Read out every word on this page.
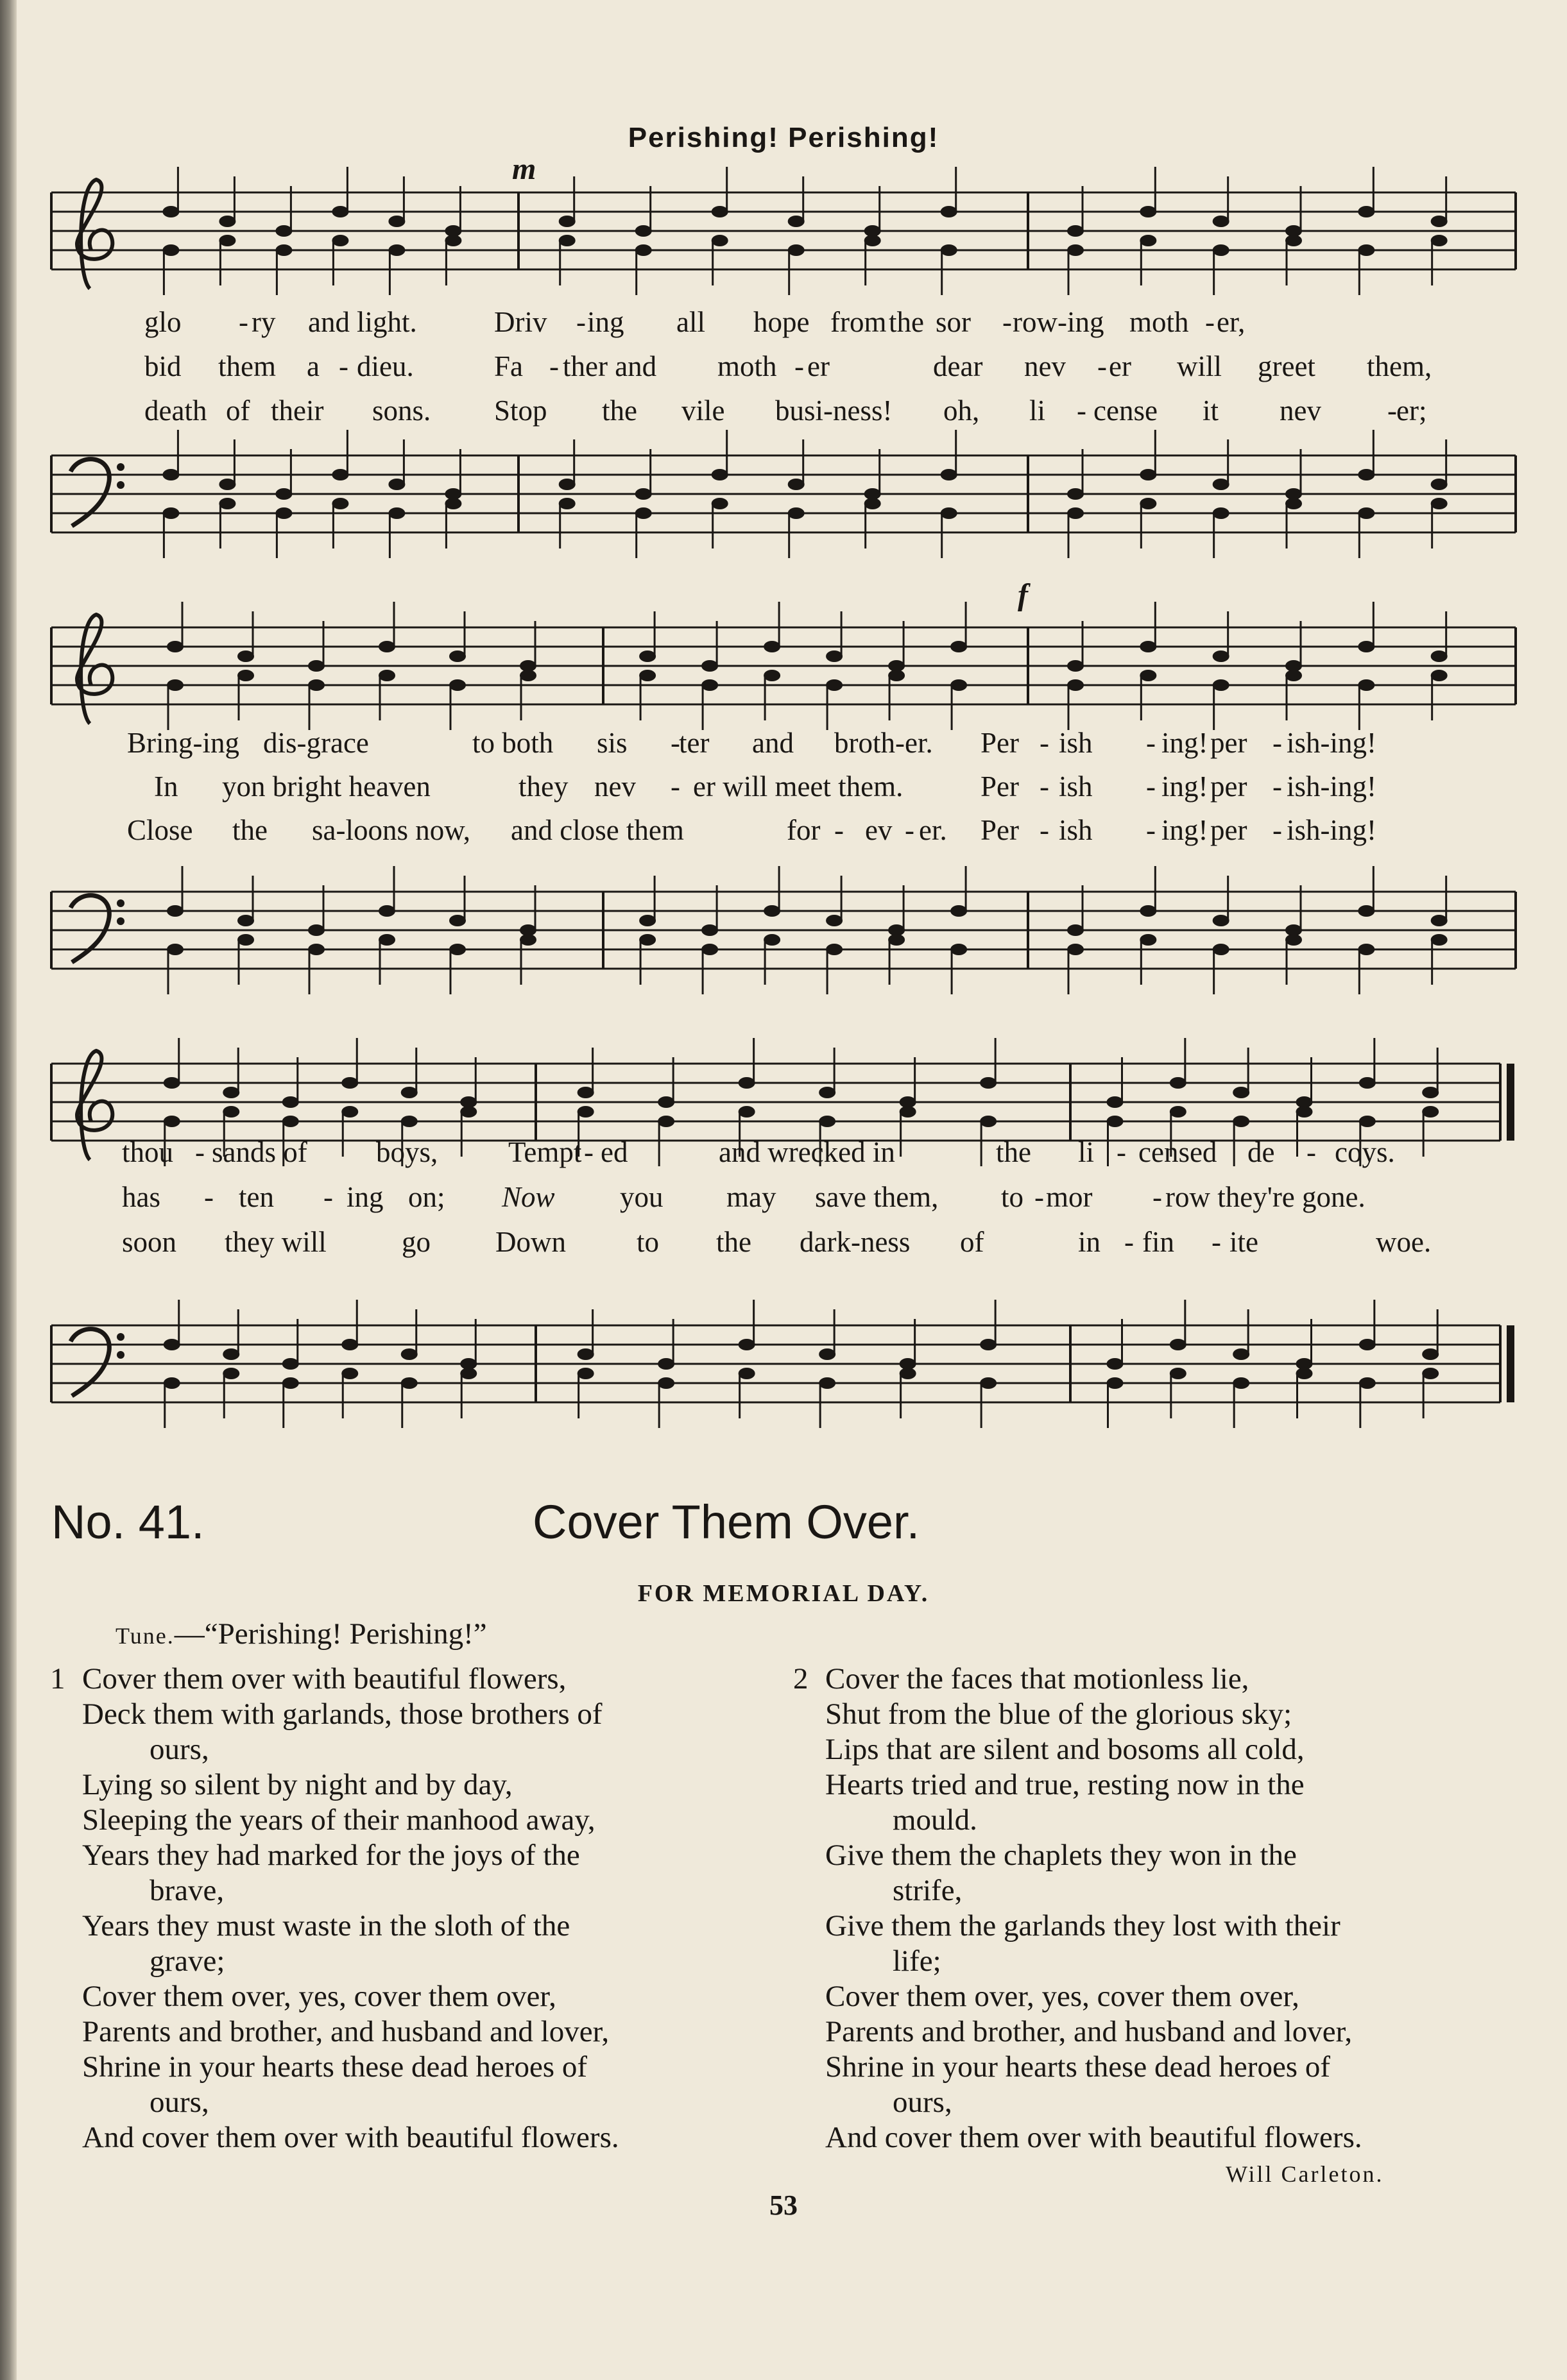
Perishing! Perishing!
m
f
glo - ry and light.	Driv - ing all hope from the sor - row-ing moth - er,
bid them a - dieu.	Fa - ther and moth - er	dear nev - er will greet them,
death of their sons. Stop the vile busi-ness! oh, li - cense it nev - er;
Bring-ing dis-grace	to both sis -
ter and broth-er. Per - ish - ing! per - ish-ing!
In yon bright heaven	they nev - er will meet them.	Per - ish - ing! per - ish-ing!
Close the sa-loons now, and close them	for - ev - er. Per - ish - ing! per - ish-ing!
thou - sands of boys, Tempt - ed	and wrecked in	the li - censed de - coys.
has - ten - ing on; Now you may save them, to - mor - row they're gone.
soon they will	go Down to the dark-ness of	in - fin - ite	woe.
No. 41.	Cover Them Over.
FOR MEMORIAL DAY.
Tune.—“Perishing! Perishing!”
1 Cover them over with beautiful flowers,
Deck them with garlands, those brothers of
ours,
Lying so silent by night and by day,
Sleeping the years of their manhood away,
Years they had marked for the joys of the
brave,
Years they must waste in the sloth of the
grave;
Cover them over, yes, cover them over,
Parents and brother, and husband and lover,
Shrine in your hearts these dead heroes of
ours,
And cover them over with beautiful flowers.
2 Cover the faces that motionless lie,
Shut from the blue of the glorious sky;
Lips that are silent and bosoms all cold,
Hearts tried and true, resting now in the
mould.
Give them the chaplets they won in the
strife,
Give them the garlands they lost with their
life;
Cover them over, yes, cover them over,
Parents and brother, and husband and lover,
Shrine in your hearts these dead heroes of
ours,
And cover them over with beautiful flowers.
Will Carleton.
53
